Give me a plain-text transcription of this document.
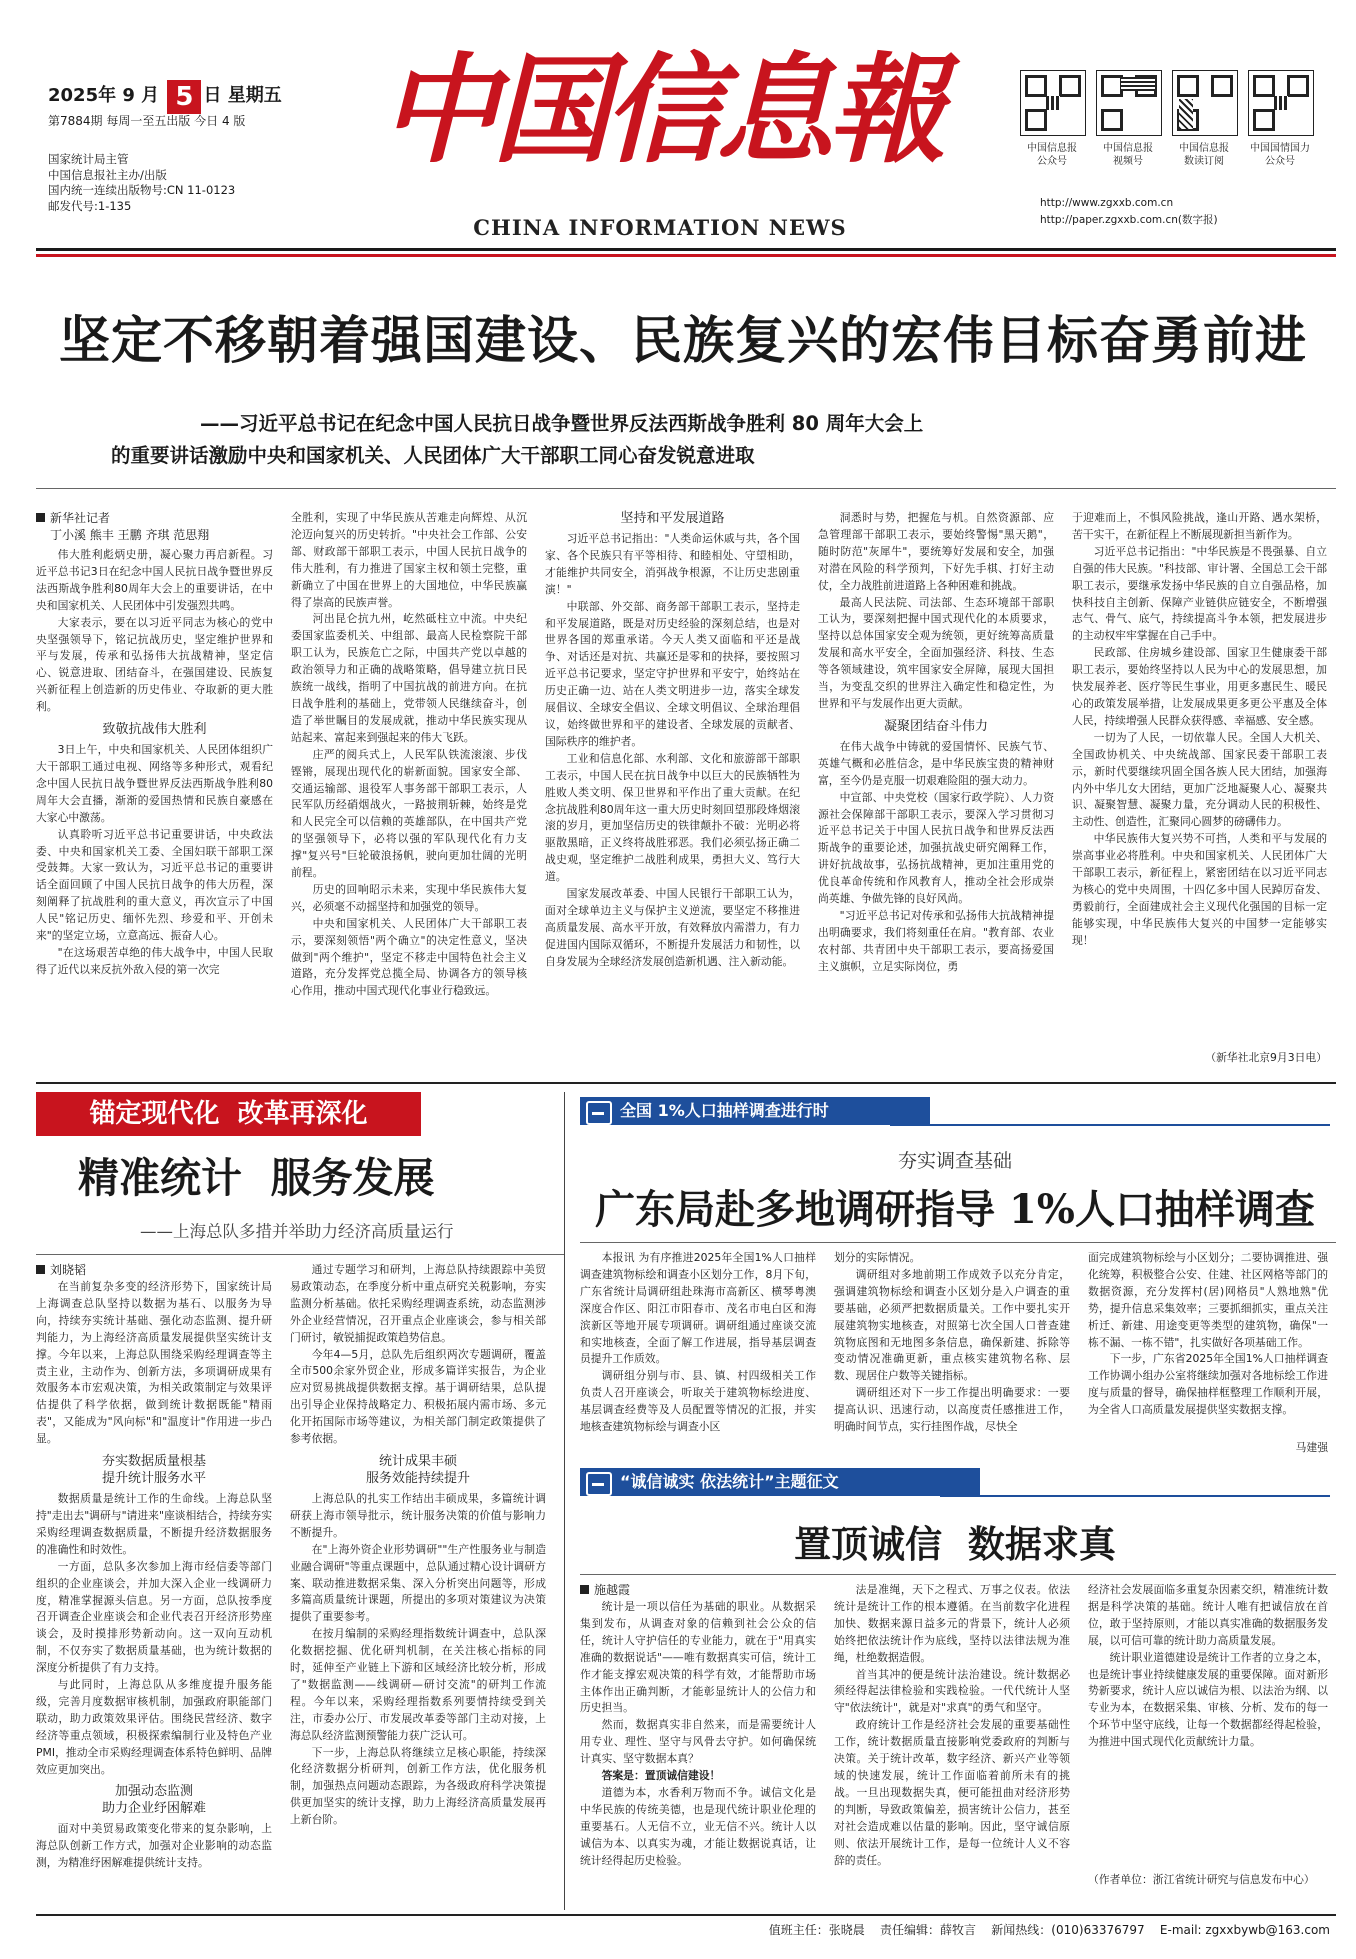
2025年 9 月 5 日 星期五
第7884期 每周一至五出版 今日 4 版
国家统计局主管
中国信息报社主办/出版
国内统一连续出版物号:CN 11-0123
邮发代号:1-135
中国信息報
CHINA INFORMATION NEWS
中国信息报
公众号
中国信息报
视频号
中国信息报
数读订阅
中国国情国力
公众号
http://www.zgxxb.com.cn
http://paper.zgxxb.com.cn(数字报)
坚定不移朝着强国建设、民族复兴的宏伟目标奋勇前进
——习近平总书记在纪念中国人民抗日战争暨世界反法西斯战争胜利 80 周年大会上
的重要讲话激励中央和国家机关、人民团体广大干部职工同心奋发锐意进取
新华社记者
丁小溪 熊丰 王鹏 齐琪 范思翔

伟大胜利彪炳史册，凝心聚力再启新程。习近平总书记3日在纪念中国人民抗日战争暨世界反法西斯战争胜利80周年大会上的重要讲话，在中央和国家机关、人民团体中引发强烈共鸣。

大家表示，要在以习近平同志为核心的党中央坚强领导下，铭记抗战历史，坚定维护世界和平与发展，传承和弘扬伟大抗战精神，坚定信心、锐意进取、团结奋斗，在强国建设、民族复兴新征程上创造新的历史伟业、夺取新的更大胜利。

致敬抗战伟大胜利

3日上午，中央和国家机关、人民团体组织广大干部职工通过电视、网络等多种形式，观看纪念中国人民抗日战争暨世界反法西斯战争胜利80周年大会直播，渐渐的爱国热情和民族自豪感在大家心中激荡。

认真聆听习近平总书记重要讲话，中央政法委、中央和国家机关工委、全国妇联干部职工深受鼓舞。大家一致认为，习近平总书记的重要讲话全面回顾了中国人民抗日战争的伟大历程，深刻阐释了抗战胜利的重大意义，再次宣示了中国人民"铭记历史、缅怀先烈、珍爱和平、开创未来"的坚定立场，立意高远、振奋人心。

"在这场艰苦卓绝的伟大战争中，中国人民取得了近代以来反抗外敌入侵的第一次完

全胜利，实现了中华民族从苦难走向辉煌、从沉沦迈向复兴的历史转折。"中央社会工作部、公安部、财政部干部职工表示，中国人民抗日战争的伟大胜利，有力推进了国家主权和领土完整，重新确立了中国在世界上的大国地位，中华民族赢得了崇高的民族声誉。

河出昆仑抗九州，屹然砥柱立中流。中央纪委国家监委机关、中组部、最高人民检察院干部职工认为，民族危亡之际，中国共产党以卓越的政治领导力和正确的战略策略，倡导建立抗日民族统一战线，指明了中国抗战的前进方向。在抗日战争胜利的基础上，党带领人民继续奋斗，创造了举世瞩目的发展成就，推动中华民族实现从站起来、富起来到强起来的伟大飞跃。

庄严的阅兵式上，人民军队铁流滚滚、步伐铿锵，展现出现代化的崭新面貌。国家安全部、交通运输部、退役军人事务部干部职工表示，人民军队历经硝烟战火，一路披荆斩棘，始终是党和人民完全可以信赖的英雄部队，在中国共产党的坚强领导下，必将以强的军队现代化有力支撑"复兴号"巨轮破浪扬帆，驶向更加壮阔的光明前程。

历史的回响昭示未来，实现中华民族伟大复兴，必须毫不动摇坚持和加强党的领导。

中央和国家机关、人民团体广大干部职工表示，要深刻领悟"两个确立"的决定性意义，坚决做到"两个维护"，坚定不移走中国特色社会主义道路，充分发挥党总揽全局、协调各方的领导核心作用，推动中国式现代化事业行稳致远。

坚持和平发展道路

习近平总书记指出："人类命运休戚与共，各个国家、各个民族只有平等相待、和睦相处、守望相助，才能维护共同安全，消弭战争根源，不让历史悲剧重演！"

中联部、外交部、商务部干部职工表示，坚持走和平发展道路，既是对历史经验的深刻总结，也是对世界各国的郑重承诺。今天人类又面临和平还是战争、对话还是对抗、共赢还是零和的抉择，要按照习近平总书记要求，坚定守护世界和平安宁，始终站在历史正确一边、站在人类文明进步一边，落实全球发展倡议、全球安全倡议、全球文明倡议、全球治理倡议，始终做世界和平的建设者、全球发展的贡献者、国际秩序的维护者。

工业和信息化部、水利部、文化和旅游部干部职工表示，中国人民在抗日战争中以巨大的民族牺牲为胜败人类文明、保卫世界和平作出了重大贡献。在纪念抗战胜利80周年这一重大历史时刻回望那段烽烟滚滚的岁月，更加坚信历史的铁律颠扑不破：光明必将驱散黑暗，正义终将战胜邪恶。我们必须弘扬正确二战史观，坚定维护二战胜利成果，勇担大义、笃行大道。

国家发展改革委、中国人民银行干部职工认为，面对全球单边主义与保护主义逆流，要坚定不移推进高质量发展、高水平开放，有效释放内需潜力，有力促进国内国际双循环，不断提升发展活力和韧性，以自身发展为全球经济发展创造新机遇、注入新动能。

洞悉时与势，把握危与机。自然资源部、应急管理部干部职工表示，要始终警惕"黑天鹅"，随时防范"灰犀牛"，要统筹好发展和安全，加强对潜在风险的科学预判，下好先手棋、打好主动仗，全力战胜前进道路上各种困难和挑战。

最高人民法院、司法部、生态环境部干部职工认为，要深刻把握中国式现代化的本质要求，坚持以总体国家安全观为统领，更好统筹高质量发展和高水平安全，全面加强经济、科技、生态等各领域建设，筑牢国家安全屏障，展现大国担当，为变乱交织的世界注入确定性和稳定性，为世界和平与发展作出更大贡献。

凝聚团结奋斗伟力

在伟大战争中铸就的爱国情怀、民族气节、英雄气概和必胜信念，是中华民族宝贵的精神财富，至今仍是克服一切艰难险阻的强大动力。

中宣部、中央党校（国家行政学院）、人力资源社会保障部干部职工表示，要深入学习贯彻习近平总书记关于中国人民抗日战争和世界反法西斯战争的重要论述，加强抗战史研究阐释工作，讲好抗战故事，弘扬抗战精神，更加注重用党的优良革命传统和作风教育人，推动全社会形成崇尚英雄、争做先锋的良好风尚。

"习近平总书记对传承和弘扬伟大抗战精神提出明确要求，我们将刻重任在肩。"教育部、农业农村部、共青团中央干部职工表示，要高扬爱国主义旗帜，立足实际岗位，勇

于迎难而上，不惧风险挑战，逢山开路、遇水架桥，苦干实干，在新征程上不断展现新担当新作为。

习近平总书记指出："中华民族是不畏强暴、自立自强的伟大民族。"科技部、审计署、全国总工会干部职工表示，要继承发扬中华民族的自立自强品格，加快科技自主创新、保障产业链供应链安全，不断增强志气、骨气、底气，持续提高斗争本领，把发展进步的主动权牢牢掌握在自己手中。

民政部、住房城乡建设部、国家卫生健康委干部职工表示，要始终坚持以人民为中心的发展思想，加快发展养老、医疗等民生事业，用更多惠民生、暖民心的政策发展举措，让发展成果更多更公平惠及全体人民，持续增强人民群众获得感、幸福感、安全感。

一切为了人民，一切依靠人民。全国人大机关、全国政协机关、中央统战部、国家民委干部职工表示，新时代要继续巩固全国各族人民大团结，加强海内外中华儿女大团结，更加广泛地凝聚人心、凝聚共识、凝聚智慧、凝聚力量，充分调动人民的积极性、主动性、创造性，汇聚同心圆梦的磅礴伟力。

中华民族伟大复兴势不可挡，人类和平与发展的崇高事业必将胜利。中央和国家机关、人民团体广大干部职工表示，新征程上，紧密团结在以习近平同志为核心的党中央周围，十四亿多中国人民踔厉奋发、勇毅前行，全面建成社会主义现代化强国的目标一定能够实现，中华民族伟大复兴的中国梦一定能够实现！

（新华社北京9月3日电）
锚定现代化  改革再深化
精准统计  服务发展
——上海总队多措并举助力经济高质量运行
刘晓韬

在当前复杂多变的经济形势下，国家统计局上海调查总队坚持以数据为基石、以服务为导向，持续夯实统计基础、强化动态监测、提升研判能力，为上海经济高质量发展提供坚实统计支撑。今年以来，上海总队围绕采购经理调查等主责主业，主动作为、创新方法，多项调研成果有效服务本市宏观决策，为相关政策制定与效果评估提供了科学依据，做到统计数据既能"精雨表"，又能成为"风向标"和"温度计"作用进一步凸显。

夯实数据质量根基
提升统计服务水平

数据质量是统计工作的生命线。上海总队坚持"走出去"调研与"请进来"座谈相结合，持续夯实采购经理调查数据质量，不断提升经济数据服务的准确性和时效性。

一方面，总队多次参加上海市经信委等部门组织的企业座谈会，并加大深入企业一线调研力度，精准掌握源头信息。另一方面，总队按季度召开调查企业座谈会和企业代表召开经济形势座谈会，及时摸排形势新动向。这一双向互动机制，不仅夯实了数据质量基础，也为统计数据的深度分析提供了有力支持。

与此同时，上海总队从多维度提升服务能级，完善月度数据审核机制，加强政府职能部门联动，助力政策效果评估。围绕民营经济、数字经济等重点领域，积极探索编制行业及特色产业PMI，推动全市采购经理调查体系特色鲜明、品牌效应更加突出。

加强动态监测
助力企业纾困解难

面对中美贸易政策变化带来的复杂影响，上海总队创新工作方式，加强对企业影响的动态监测，为精准纾困解难提供统计支持。

通过专题学习和研判，上海总队持续跟踪中美贸易政策动态，在季度分析中重点研究关税影响，夯实监测分析基础。依托采购经理调查系统，动态监测涉外企业经营情况，召开重点企业座谈会，参与相关部门研讨，敏锐捕捉政策趋势信息。

今年4—5月，总队先后组织两次专题调研，覆盖全市500余家外贸企业，形成多篇详实报告，为企业应对贸易挑战提供数据支撑。基于调研结果，总队提出引导企业保持战略定力、积极拓展内需市场、多元化开拓国际市场等建议，为相关部门制定政策提供了参考依据。

统计成果丰硕
服务效能持续提升

上海总队的扎实工作结出丰硕成果，多篇统计调研获上海市领导批示，统计服务决策的价值与影响力不断提升。

在"上海外资企业形势调研""生产性服务业与制造业融合调研"等重点课题中，总队通过精心设计调研方案、联动推进数据采集、深入分析突出问题等，形成多篇高质量统计课题，所提出的多项对策建议为决策提供了重要参考。

在按月编制的采购经理指数统计调查中，总队深化数据挖掘、优化研判机制，在关注核心指标的同时，延伸至产业链上下游和区域经济比较分析，形成了"数据监测——线调研—研讨交流"的研判工作流程。今年以来，采购经理指数系列要情持续受到关注，市委办公厅、市发展改革委等部门主动对接，上海总队经济监测预警能力获广泛认可。

下一步，上海总队将继续立足核心职能，持续深化经济数据分析研判，创新工作方法，优化服务机制，加强热点问题动态跟踪，为各级政府科学决策提供更加坚实的统计支撑，助力上海经济高质量发展再上新台阶。

全国 1%人口抽样调查进行时
夯实调查基础
广东局赴多地调研指导 1%人口抽样调查

本报讯 为有序推进2025年全国1%人口抽样调查建筑物标绘和调查小区划分工作，8月下旬，广东省统计局调研组赴珠海市高新区、横琴粤澳深度合作区、阳江市阳春市、茂名市电白区和海滨新区等地开展专项调研。调研组通过座谈交流和实地核查，全面了解工作进展，指导基层调查员提升工作质效。

调研组分别与市、县、镇、村四级相关工作负责人召开座谈会，听取关于建筑物标绘进度、基层调查经费等及人员配置等情况的汇报，并实地核查建筑物标绘与调查小区

划分的实际情况。

调研组对多地前期工作成效予以充分肯定，强调建筑物标绘和调查小区划分是入户调查的重要基础，必须严把数据质量关。工作中要扎实开展建筑物实地核查，对照第七次全国人口普查建筑物底图和无地图多条信息，确保新建、拆除等变动情况准确更新，重点核实建筑物名称、层数、现居住户数等关键指标。

调研组还对下一步工作提出明确要求：一要提高认识、迅速行动，以高度责任感推进工作，明确时间节点，实行挂图作战，尽快全

面完成建筑物标绘与小区划分；二要协调推进、强化统筹，积极整合公安、住建、社区网格等部门的数据资源，充分发挥村(居)网格员"人熟地熟"优势，提升信息采集效率；三要抓细抓实，重点关注析迁、新建、用途变更等类型的建筑物，确保"一栋不漏、一栋不错"，扎实做好各项基础工作。

下一步，广东省2025年全国1%人口抽样调查工作协调小组办公室将继续加强对各地标绘工作进度与质量的督导，确保抽样框整理工作顺利开展，为全省人口高质量发展提供坚实数据支撑。

马建强
“诚信诚实 依法统计”主题征文
置顶诚信  数据求真
施越霞

统计是一项以信任为基础的职业。从数据采集到发布，从调查对象的信赖到社会公众的信任，统计人守护信任的专业能力，就在于"用真实准确的数据说话"——唯有数据真实可信，统计工作才能支撑宏观决策的科学有效，才能帮助市场主体作出正确判断，才能彰显统计人的公信力和历史担当。

然而，数据真实非自然来，而是需要统计人用专业、理性、坚守与风骨去守护。如何确保统计真实、坚守数据本真？

答案是：置顶诚信建设！

道德为本，水香利万物而不争。诚信文化是中华民族的传统美德，也是现代统计职业伦理的重要基石。人无信不立，业无信不兴。统计人以诚信为本、以真实为魂，才能让数据说真话，让统计经得起历史检验。

法是准绳，天下之程式、万事之仪表。依法统计是统计工作的根本遵循。在当前数字化进程加快、数据来源日益多元的背景下，统计人必须始终把依法统计作为底线，坚持以法律法规为准绳，杜绝数据造假。

首当其冲的便是统计法治建设。统计数据必须经得起法律检验和实践检验。一代代统计人坚守"依法统计"，就是对"求真"的勇气和坚守。

政府统计工作是经济社会发展的重要基础性工作，统计数据质量直接影响党委政府的判断与决策。关于统计改革，数字经济、新兴产业等领域的快速发展，统计工作面临着前所未有的挑战。一旦出现数据失真，便可能扭曲对经济形势的判断，导致政策偏差，损害统计公信力，甚至对社会造成难以估量的影响。因此，坚守诚信原则、依法开展统计工作，是每一位统计人义不容辞的责任。

经济社会发展面临多重复杂因素交织，精准统计数据是科学决策的基础。统计人唯有把诚信放在首位，敢于坚持原则，才能以真实准确的数据服务发展，以可信可靠的统计助力高质量发展。

统计职业道德建设是统计工作者的立身之本，也是统计事业持续健康发展的重要保障。面对新形势新要求，统计人应以诚信为根、以法治为纲、以专业为本，在数据采集、审核、分析、发布的每一个环节中坚守底线，让每一个数据都经得起检验，为推进中国式现代化贡献统计力量。

（作者单位：浙江省统计研究与信息发布中心）
值班主任：张晓晨    责任编辑：薛牧言    新闻热线：(010)63376797    E-mail: zgxxbywb@163.com
